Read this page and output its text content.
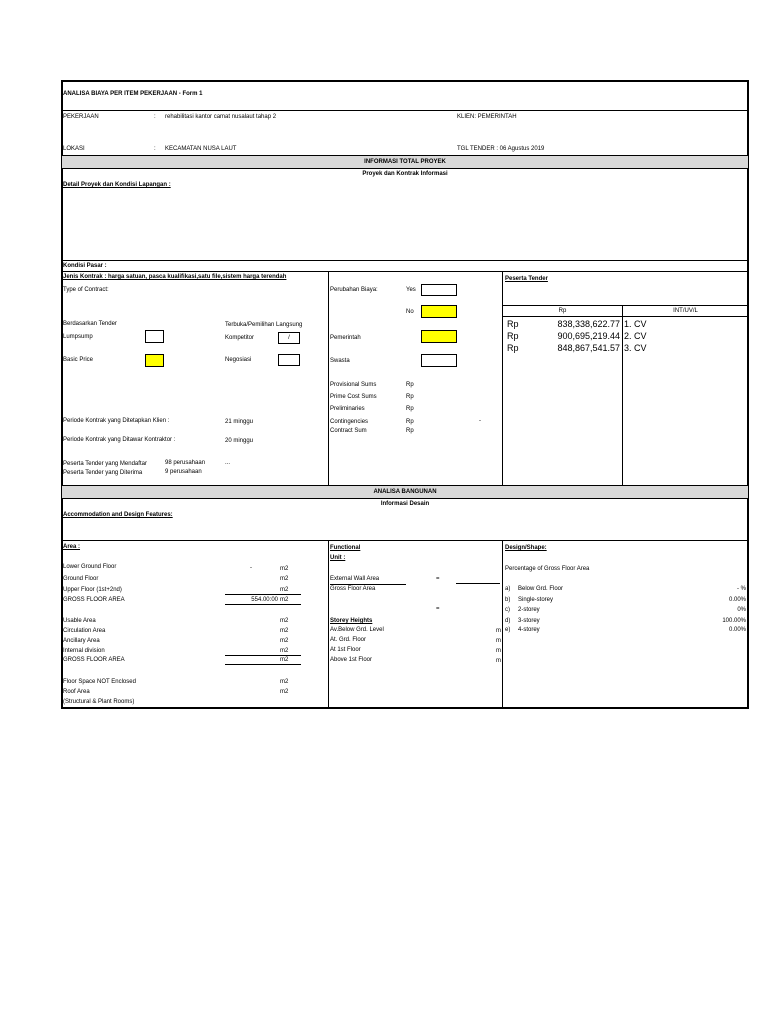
ANALISA BIAYA PER ITEM PEKERJAAN - Form 1
PEKERJAAN	: rehabilitasi kantor camat nusalaut tahap 2	KLIEN: PEMERINTAH
LOKASI	: KECAMATAN NUSA LAUT	TGL TENDER : 06 Agustus 2019
INFORMASI TOTAL PROYEK
Proyek dan Kontrak Informasi
Detail Proyek dan Kondisi Lapangan :
Kondisi Pasar :
Jenis Kontrak : harga satuan, pasca kualifikasi,satu file,sistem harga terendah
Type of Contract:
Berdasarkan Tender
Lumpsump
Basic Price
Terbuka/Pemilihan Langsung
Kompetitor	/
Negosiasi
Periode Kontrak yang Ditetapkan Klien :	21 minggu
Periode Kontrak yang Ditawar Kontraktor :	20 minggu
Peserta Tender yang Mendaftar	98 perusahaan	...
Peserta Tender yang Diterima	9 perusahaan
Perubahan Biaya:	Yes
No
Pemerintah
Swasta
Provisional Sums	Rp
Prime Cost Sums	Rp
Preliminaries	Rp
Contingencies	Rp	-
Contract Sum	Rp
Peserta Tender
Rp	INT/UV/L
Rp	838,338,622.77 1. CV
Rp	900,695,219.44 2. CV
Rp	848,867,541.57 3. CV
ANALISA BANGUNAN
Informasi Desain
Accommodation and Design Features:
Area :
Lower Ground Floor	-	m2
Ground Floor	m2
Upper Floor (1st+2nd)	m2
GROSS FLOOR AREA	554.00:00 m2
Usable Area	m2
Circulation Area	m2
Ancillary Area	m2
Internal division	m2
GROSS FLOOR AREA	m2
Floor Space NOT Enclosed	m2
Roof Area	m2
(Structural & Plant Rooms)
Functional
Unit :
External Wall Area	=
Gross Floor Area
=
Storey Heights
Av.Below Grd. Level	m
At. Grd. Floor	m
At 1st Floor	m
Above 1st Floor	m
Design/Shape:
Percentage of Gross Floor Area
a) Below Grd. Floor	- %
b) Single-storey	0.00%
c) 2-storey	0%
d) 3-storey	100.00%
e) 4-storey	0.00%
